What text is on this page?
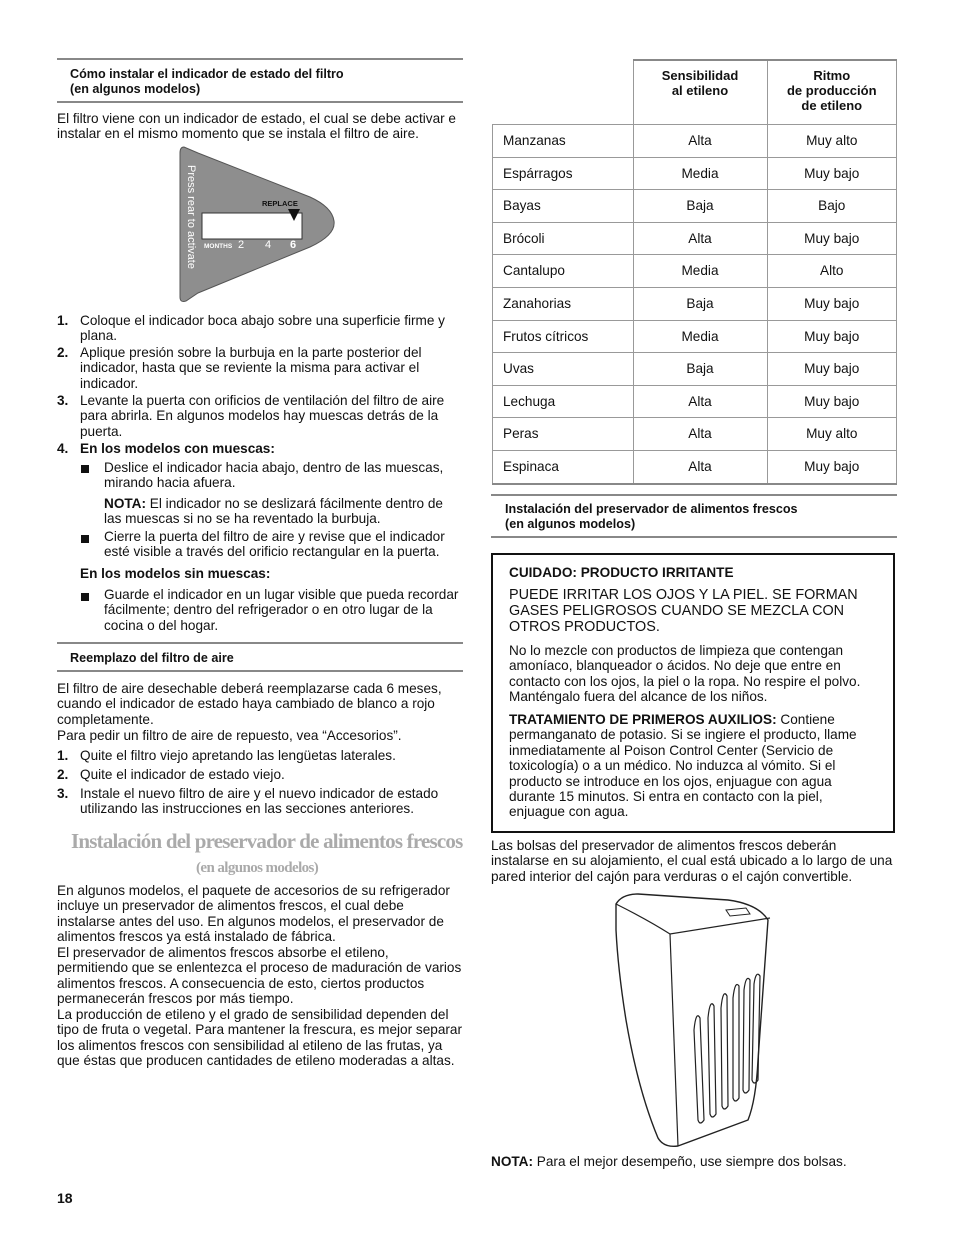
Cómo instalar el indicador de estado del filtro
(en algunos modelos)

El filtro viene con un indicador de estado, el cual se debe activar e instalar en el mismo momento que se instala el filtro de aire.

Press rear to activate	REPLACE
MONTHS 2 4 6
1. Coloque el indicador boca abajo sobre una superficie firme y plana.
2. Aplique presión sobre la burbuja en la parte posterior del indicador, hasta que se reviente la misma para activar el indicador.
3. Levante la puerta con orificios de ventilación del filtro de aire para abrirla. En algunos modelos hay muescas detrás de la puerta.
4. En los modelos con muescas:

Deslice el indicador hacia abajo, dentro de las muescas, mirando hacia afuera.

NOTA: El indicador no se deslizará fácilmente dentro de las muescas si no se ha reventado la burbuja.

Cierre la puerta del filtro de aire y revise que el indicador esté visible a través del orificio rectangular en la puerta.

En los modelos sin muescas:

Guarde el indicador en un lugar visible que pueda recordar fácilmente; dentro del refrigerador o en otro lugar de la cocina o del hogar.

Reemplazo del filtro de aire

El filtro de aire desechable deberá reemplazarse cada 6 meses, cuando el indicador de estado haya cambiado de blanco a rojo completamente.

Para pedir un filtro de aire de repuesto, vea “Accesorios”.

1. Quite el filtro viejo apretando las lengüetas laterales.
2. Quite el indicador de estado viejo.
3. Instale el nuevo filtro de aire y el nuevo indicador de estado utilizando las instrucciones en las secciones anteriores.
Instalación del preservador de alimentos frescos
(en algunos modelos)

En algunos modelos, el paquete de accesorios de su refrigerador incluye un preservador de alimentos frescos, el cual debe instalarse antes del uso. En algunos modelos, el preservador de alimentos frescos ya está instalado de fábrica.

El preservador de alimentos frescos absorbe el etileno, permitiendo que se enlentezca el proceso de maduración de varios alimentos frescos. A consecuencia de esto, ciertos productos permanecerán frescos por más tiempo.

La producción de etileno y el grado de sensibilidad dependen del tipo de fruta o vegetal. Para mantener la frescura, es mejor separar los alimentos frescos con sensibilidad al etileno de las frutas, ya que éstas que producen cantidades de etileno moderadas a altas.

	Sensibilidad
al etileno	Ritmo
de producción
de etileno
Manzanas	Alta	Muy alto
Espárragos	Media	Muy bajo
Bayas	Baja	Bajo
Brócoli	Alta	Muy bajo
Cantalupo	Media	Alto
Zanahorias	Baja	Muy bajo
Frutos cítricos	Media	Muy bajo
Uvas	Baja	Muy bajo
Lechuga	Alta	Muy bajo
Peras	Alta	Muy alto
Espinaca	Alta	Muy bajo
Instalación del preservador de alimentos frescos
(en algunos modelos)

CUIDADO: PRODUCTO IRRITANTE

PUEDE IRRITAR LOS OJOS Y LA PIEL. SE FORMAN GASES PELIGROSOS CUANDO SE MEZCLA CON OTROS PRODUCTOS.

No lo mezcle con productos de limpieza que contengan amoníaco, blanqueador o ácidos. No deje que entre en contacto con los ojos, la piel o la ropa. No respire el polvo. Manténgalo fuera del alcance de los niños.

TRATAMIENTO DE PRIMEROS AUXILIOS: Contiene permanganato de potasio. Si se ingiere el producto, llame inmediatamente al Poison Control Center (Servicio de toxicología) o a un médico. No induzca al vómito. Si el producto se introduce en los ojos, enjuague con agua durante 15 minutos. Si entra en contacto con la piel, enjuague con agua.

Las bolsas del preservador de alimentos frescos deberán instalarse en su alojamiento, el cual está ubicado a lo largo de una pared interior del cajón para verduras o el cajón convertible.

NOTA: Para el mejor desempeño, use siempre dos bolsas.

18
